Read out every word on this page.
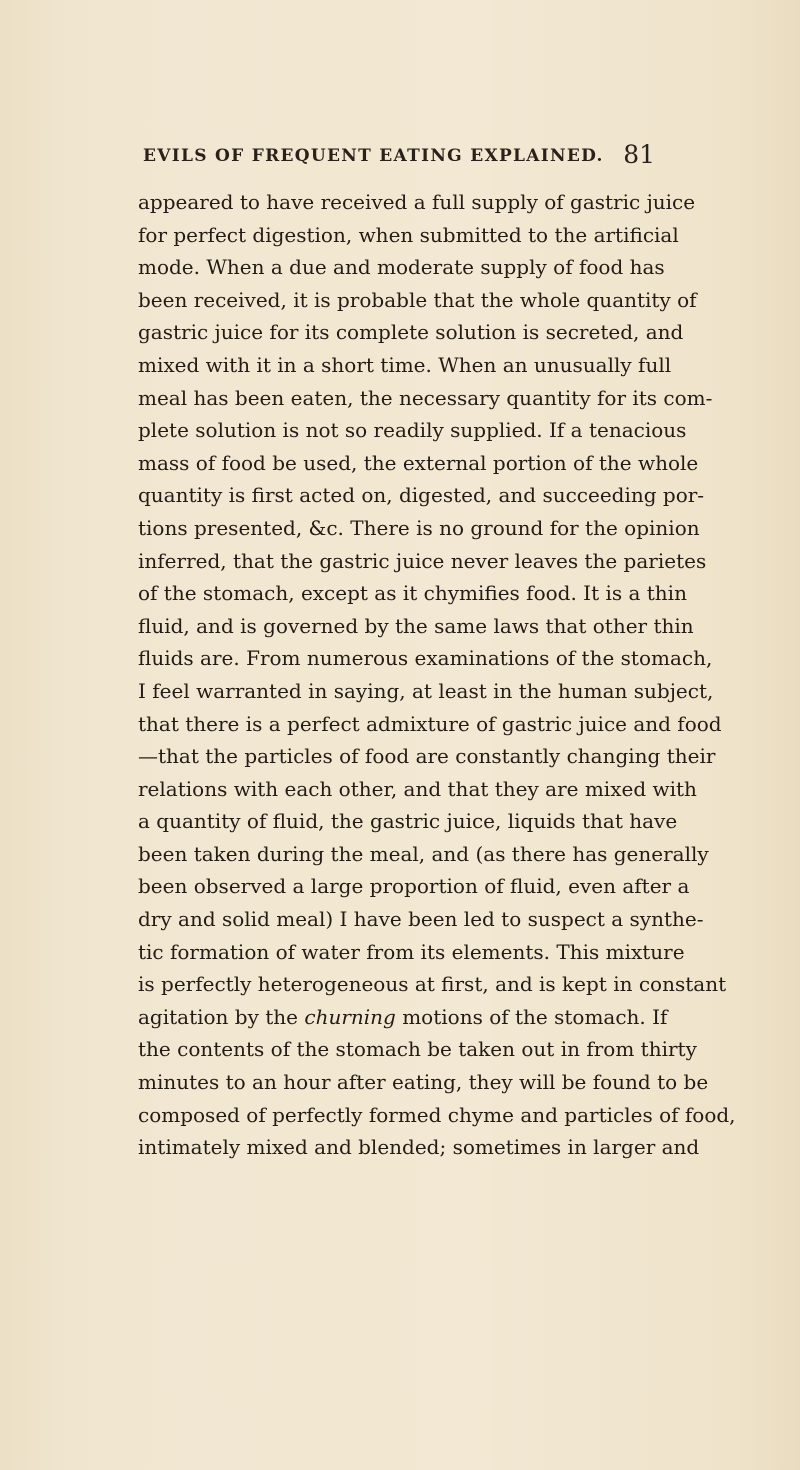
EVILS OF FREQUENT EATING EXPLAINED. 81
appeared to have received a full supply of gastric juice
for perfect digestion, when submitted to the artificial
mode. When a due and moderate supply of food has
been received, it is probable that the whole quantity of
gastric juice for its complete solution is secreted, and
mixed with it in a short time. When an unusually full
meal has been eaten, the necessary quantity for its com-
plete solution is not so readily supplied. If a tenacious
mass of food be used, the external portion of the whole
quantity is first acted on, digested, and succeeding por-
tions presented, &c. There is no ground for the opinion
inferred, that the gastric juice never leaves the parietes
of the stomach, except as it chymifies food. It is a thin
fluid, and is governed by the same laws that other thin
fluids are. From numerous examinations of the stomach,
I feel warranted in saying, at least in the human subject,
that there is a perfect admixture of gastric juice and food
—that the particles of food are constantly changing their
relations with each other, and that they are mixed with
a quantity of fluid, the gastric juice, liquids that have
been taken during the meal, and (as there has generally
been observed a large proportion of fluid, even after a
dry and solid meal) I have been led to suspect a synthe-
tic formation of water from its elements. This mixture
is perfectly heterogeneous at first, and is kept in constant
agitation by the churning motions of the stomach. If
the contents of the stomach be taken out in from thirty
minutes to an hour after eating, they will be found to be
composed of perfectly formed chyme and particles of food,
intimately mixed and blended; sometimes in larger and
